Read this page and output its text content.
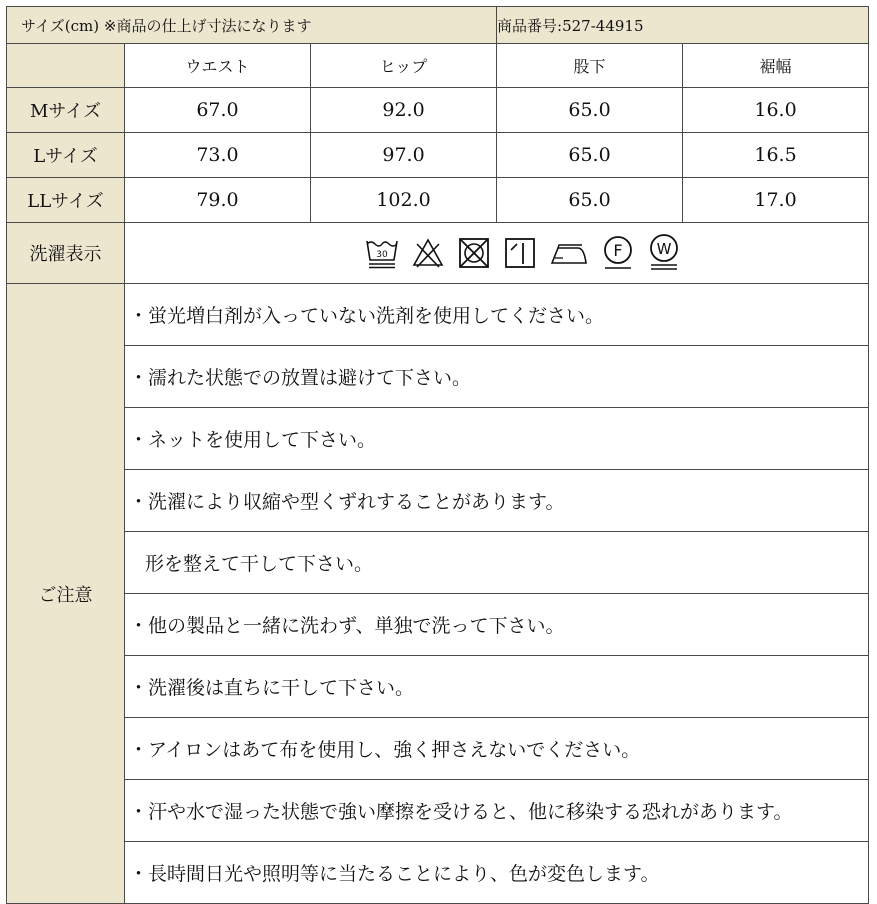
サイズ(cm) ※商品の仕上げ寸法になります			商品番号:527-44915	
	ウエスト	ヒップ	股下	裾幅
Mサイズ	67.0	92.0	65.0	16.0
Lサイズ	73.0	97.0	65.0	16.5
LLサイズ	79.0	102.0	65.0	17.0
洗濯表示	30 F W			

ご注意	・蛍光増白剤が入っていない洗剤を使用してください。			
	・濡れた状態での放置は避けて下さい。			
	・ネットを使用して下さい。			
	・洗濯により収縮や型くずれすることがあります。			
	形を整えて干して下さい。			
	・他の製品と一緒に洗わず、単独で洗って下さい。			
	・洗濯後は直ちに干して下さい。			
	・アイロンはあて布を使用し、強く押さえないでください。			
	・汗や水で湿った状態で強い摩擦を受けると、他に移染する恐れがあります。			
	・長時間日光や照明等に当たることにより、色が変色します。			
